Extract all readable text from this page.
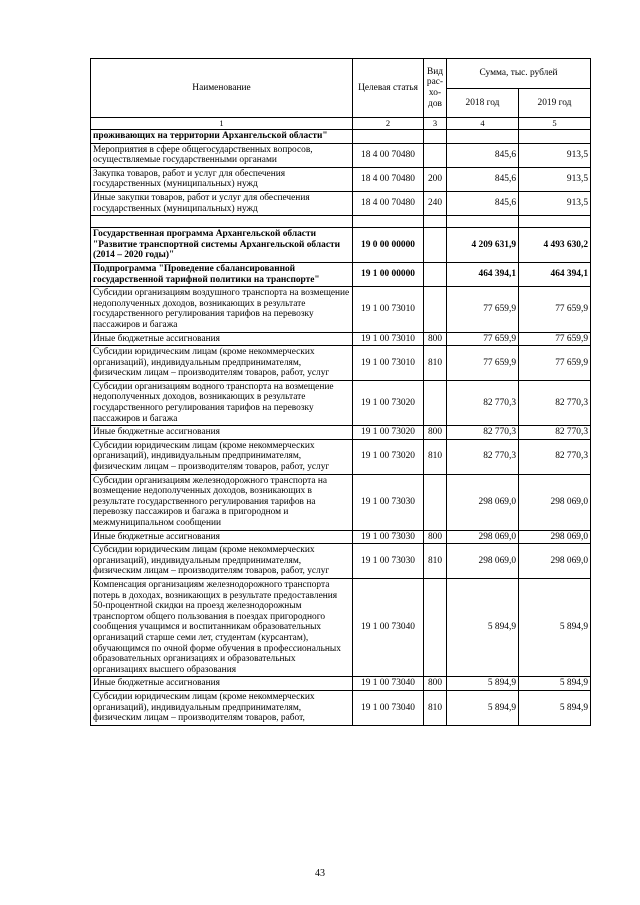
Наименование	Целевая статья	Вид рас-хо-дов	Сумма, тыс. рублей	
			2018 год	2019 год
1	2	3	4	5
проживающих на территории Архангельской области"				
Мероприятия в сфере общегосударственных вопросов, осуществляемые государственными органами	18 4 00 70480		845,6	913,5
Закупка товаров, работ и услуг для обеспечения государственных (муниципальных) нужд	18 4 00 70480	200	845,6	913,5
Иные закупки товаров, работ и услуг для обеспечения государственных (муниципальных) нужд	18 4 00 70480	240	845,6	913,5

Государственная программа Архангельской области "Развитие транспортной системы Архангельской области (2014 – 2020 годы)"	19 0 00 00000		4 209 631,9	4 493 630,2
Подпрограмма "Проведение сбалансированной государственной тарифной политики на транспорте"	19 1 00 00000		464 394,1	464 394,1
Субсидии организациям воздушного транспорта на возмещение недополученных доходов, возникающих в результате государственного регулирования тарифов на перевозку пассажиров и багажа	19 1 00 73010		77 659,9	77 659,9
Иные бюджетные ассигнования	19 1 00 73010	800	77 659,9	77 659,9
Субсидии юридическим лицам (кроме некоммерческих организаций), индивидуальным предпринимателям, физическим лицам – производителям товаров, работ, услуг	19 1 00 73010	810	77 659,9	77 659,9
Субсидии организациям водного транспорта на возмещение недополученных доходов, возникающих в результате государственного регулирования тарифов на перевозку пассажиров и багажа	19 1 00 73020		82 770,3	82 770,3
Иные бюджетные ассигнования	19 1 00 73020	800	82 770,3	82 770,3
Субсидии юридическим лицам (кроме некоммерческих организаций), индивидуальным предпринимателям, физическим лицам – производителям товаров, работ, услуг	19 1 00 73020	810	82 770,3	82 770,3
Субсидии организациям железнодорожного транспорта на возмещение недополученных доходов, возникающих в результате государственного регулирования тарифов на перевозку пассажиров и багажа в пригородном и межмуниципальном сообщении	19 1 00 73030		298 069,0	298 069,0
Иные бюджетные ассигнования	19 1 00 73030	800	298 069,0	298 069,0
Субсидии юридическим лицам (кроме некоммерческих организаций), индивидуальным предпринимателям, физическим лицам – производителям товаров, работ, услуг	19 1 00 73030	810	298 069,0	298 069,0
Компенсация организациям железнодорожного транспорта потерь в доходах, возникающих в результате предоставления 50-процентной скидки на проезд железнодорожным транспортом общего пользования в поездах пригородного сообщения учащимся и воспитанникам образовательных организаций старше семи лет, студентам (курсантам), обучающимся по очной форме обучения в профессиональных образовательных организациях и образовательных организациях высшего образования	19 1 00 73040		5 894,9	5 894,9
Иные бюджетные ассигнования	19 1 00 73040	800	5 894,9	5 894,9
Субсидии юридическим лицам (кроме некоммерческих организаций), индивидуальным предпринимателям, физическим лицам – производителям товаров, работ,	19 1 00 73040	810	5 894,9	5 894,9
43
